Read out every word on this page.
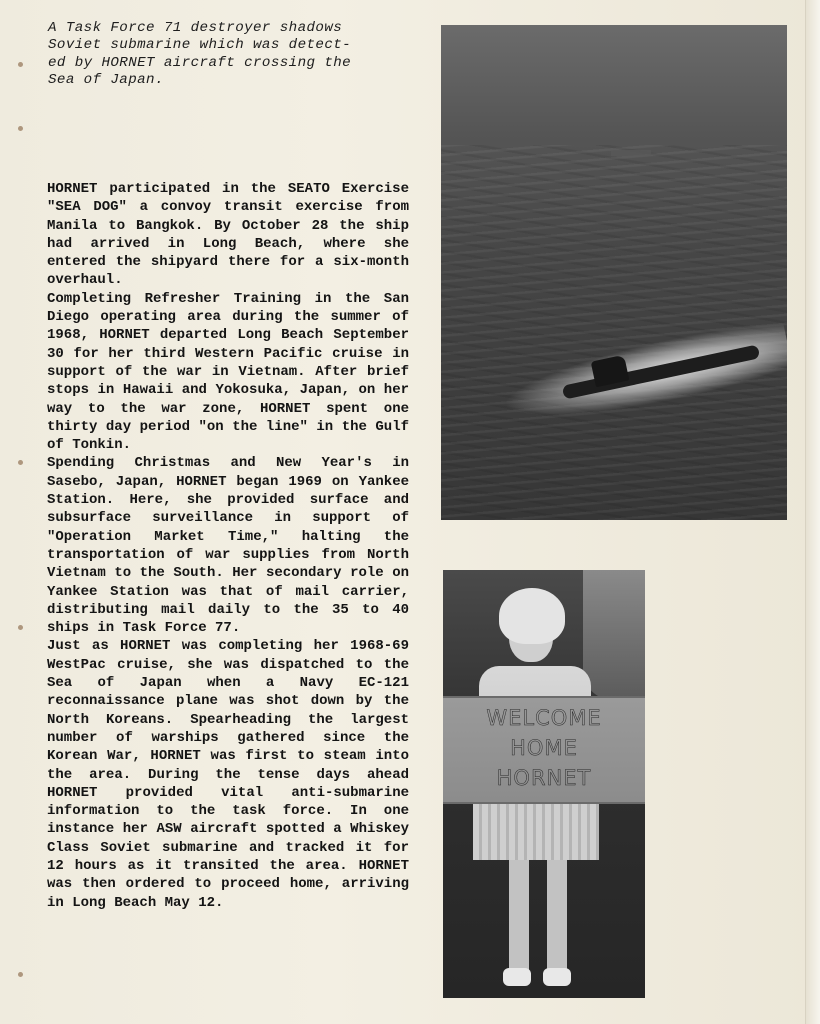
A Task Force 71 destroyer shadows
Soviet submarine which was detect-
ed by HORNET aircraft crossing the
Sea of Japan.

HORNET participated in the SEATO Exercise "SEA DOG" a convoy transit exercise from Manila to Bangkok. By October 28 the ship had arrived in Long Beach, where she entered the shipyard there for a six-month overhaul.

Completing Refresher Training in the San Diego operating area during the summer of 1968, HORNET departed Long Beach September 30 for her third Western Pacific cruise in support of the war in Vietnam. After brief stops in Hawaii and Yokosuka, Japan, on her way to the war zone, HORNET spent one thirty day period "on the line" in the Gulf of Tonkin.

Spending Christmas and New Year's in Sasebo, Japan, HORNET began 1969 on Yankee Station. Here, she provided surface and subsurface surveillance in support of "Operation Market Time," halting the transportation of war supplies from North Vietnam to the South. Her secondary role on Yankee Station was that of mail carrier, distributing mail daily to the 35 to 40 ships in Task Force 77.

Just as HORNET was completing her 1968-69 WestPac cruise, she was dispatched to the Sea of Japan when a Navy EC-121 reconnaissance plane was shot down by the North Koreans. Spearheading the largest number of warships gathered since the Korean War, HORNET was first to steam into the area. During the tense days ahead HORNET provided vital anti-submarine information to the task force. In one instance her ASW aircraft spotted a Whiskey Class Soviet submarine and tracked it for 12 hours as it transited the area. HORNET was then ordered to proceed home, arriving in Long Beach May 12.

WELCOME
HOME
HORNET
